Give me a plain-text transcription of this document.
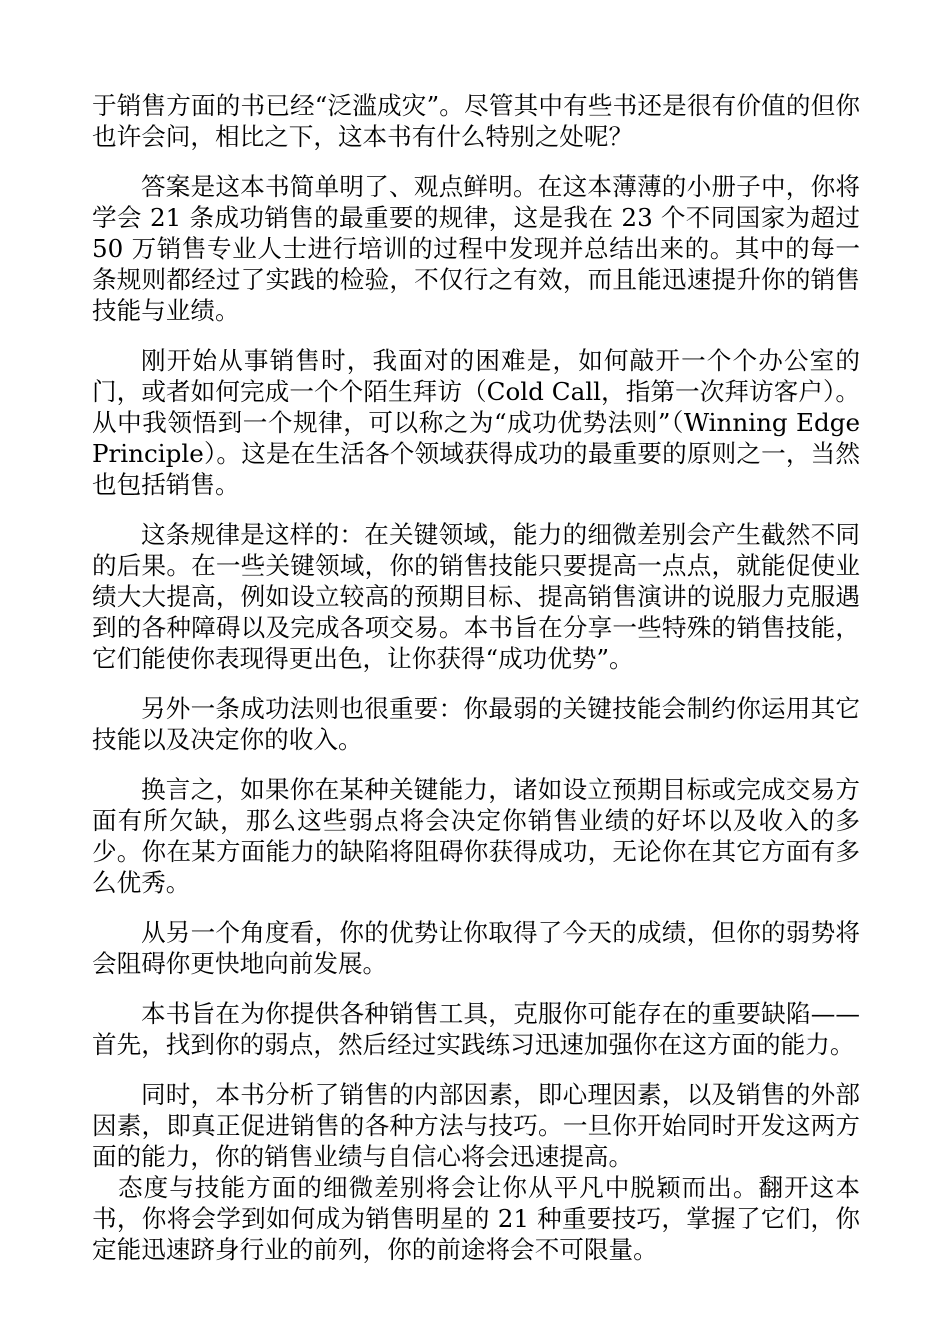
于销售方面的书已经“泛滥成灾”。尽管其中有些书还是很有价值的但你也许会问，相比之下，这本书有什么特别之处呢？

答案是这本书简单明了、观点鲜明。在这本薄薄的小册子中，你将学会 21 条成功销售的最重要的规律，这是我在 23 个不同国家为超过 50 万销售专业人士进行培训的过程中发现并总结出来的。其中的每一条规则都经过了实践的检验，不仅行之有效，而且能迅速提升你的销售技能与业绩。

刚开始从事销售时，我面对的困难是，如何敲开一个个办公室的门，或者如何完成一个个陌生拜访（Cold Call，指第一次拜访客户）。从中我领悟到一个规律，可以称之为“成功优势法则”（Winning Edge Principle）。这是在生活各个领域获得成功的最重要的原则之一，当然也包括销售。

这条规律是这样的：在关键领域，能力的细微差别会产生截然不同的后果。在一些关键领域，你的销售技能只要提高一点点，就能促使业绩大大提高，例如设立较高的预期目标、提高销售演讲的说服力克服遇到的各种障碍以及完成各项交易。本书旨在分享一些特殊的销售技能，它们能使你表现得更出色，让你获得“成功优势”。

另外一条成功法则也很重要：你最弱的关键技能会制约你运用其它技能以及决定你的收入。

换言之，如果你在某种关键能力，诸如设立预期目标或完成交易方面有所欠缺，那么这些弱点将会决定你销售业绩的好坏以及收入的多少。你在某方面能力的缺陷将阻碍你获得成功，无论你在其它方面有多么优秀。

从另一个角度看，你的优势让你取得了今天的成绩，但你的弱势将会阻碍你更快地向前发展。

本书旨在为你提供各种销售工具，克服你可能存在的重要缺陷——首先，找到你的弱点，然后经过实践练习迅速加强你在这方面的能力。

同时，本书分析了销售的内部因素，即心理因素，以及销售的外部因素，即真正促进销售的各种方法与技巧。一旦你开始同时开发这两方面的能力，你的销售业绩与自信心将会迅速提高。

态度与技能方面的细微差别将会让你从平凡中脱颖而出。翻开这本书，你将会学到如何成为销售明星的 21 种重要技巧，掌握了它们，你定能迅速跻身行业的前列，你的前途将会不可限量。
